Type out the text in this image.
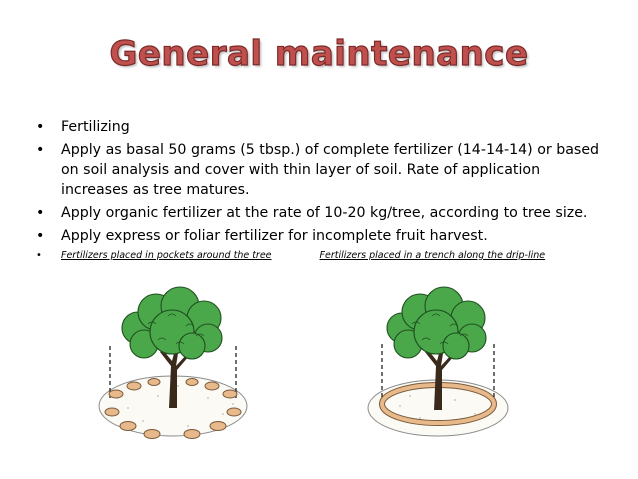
General maintenance
• Fertilizing
• Apply as basal 50 grams (5 tbsp.) of complete fertilizer (14-14-14) or based on soil analysis and cover with thin layer of soil. Rate of application increases as tree matures.
• Apply organic fertilizer at the rate of 10-20 kg/tree, according to tree size.
• Apply express or foliar fertilizer for incomplete fruit harvest.
• Fertilizers placed in pockets around the tree	Fertilizers placed in a trench along the drip-line
